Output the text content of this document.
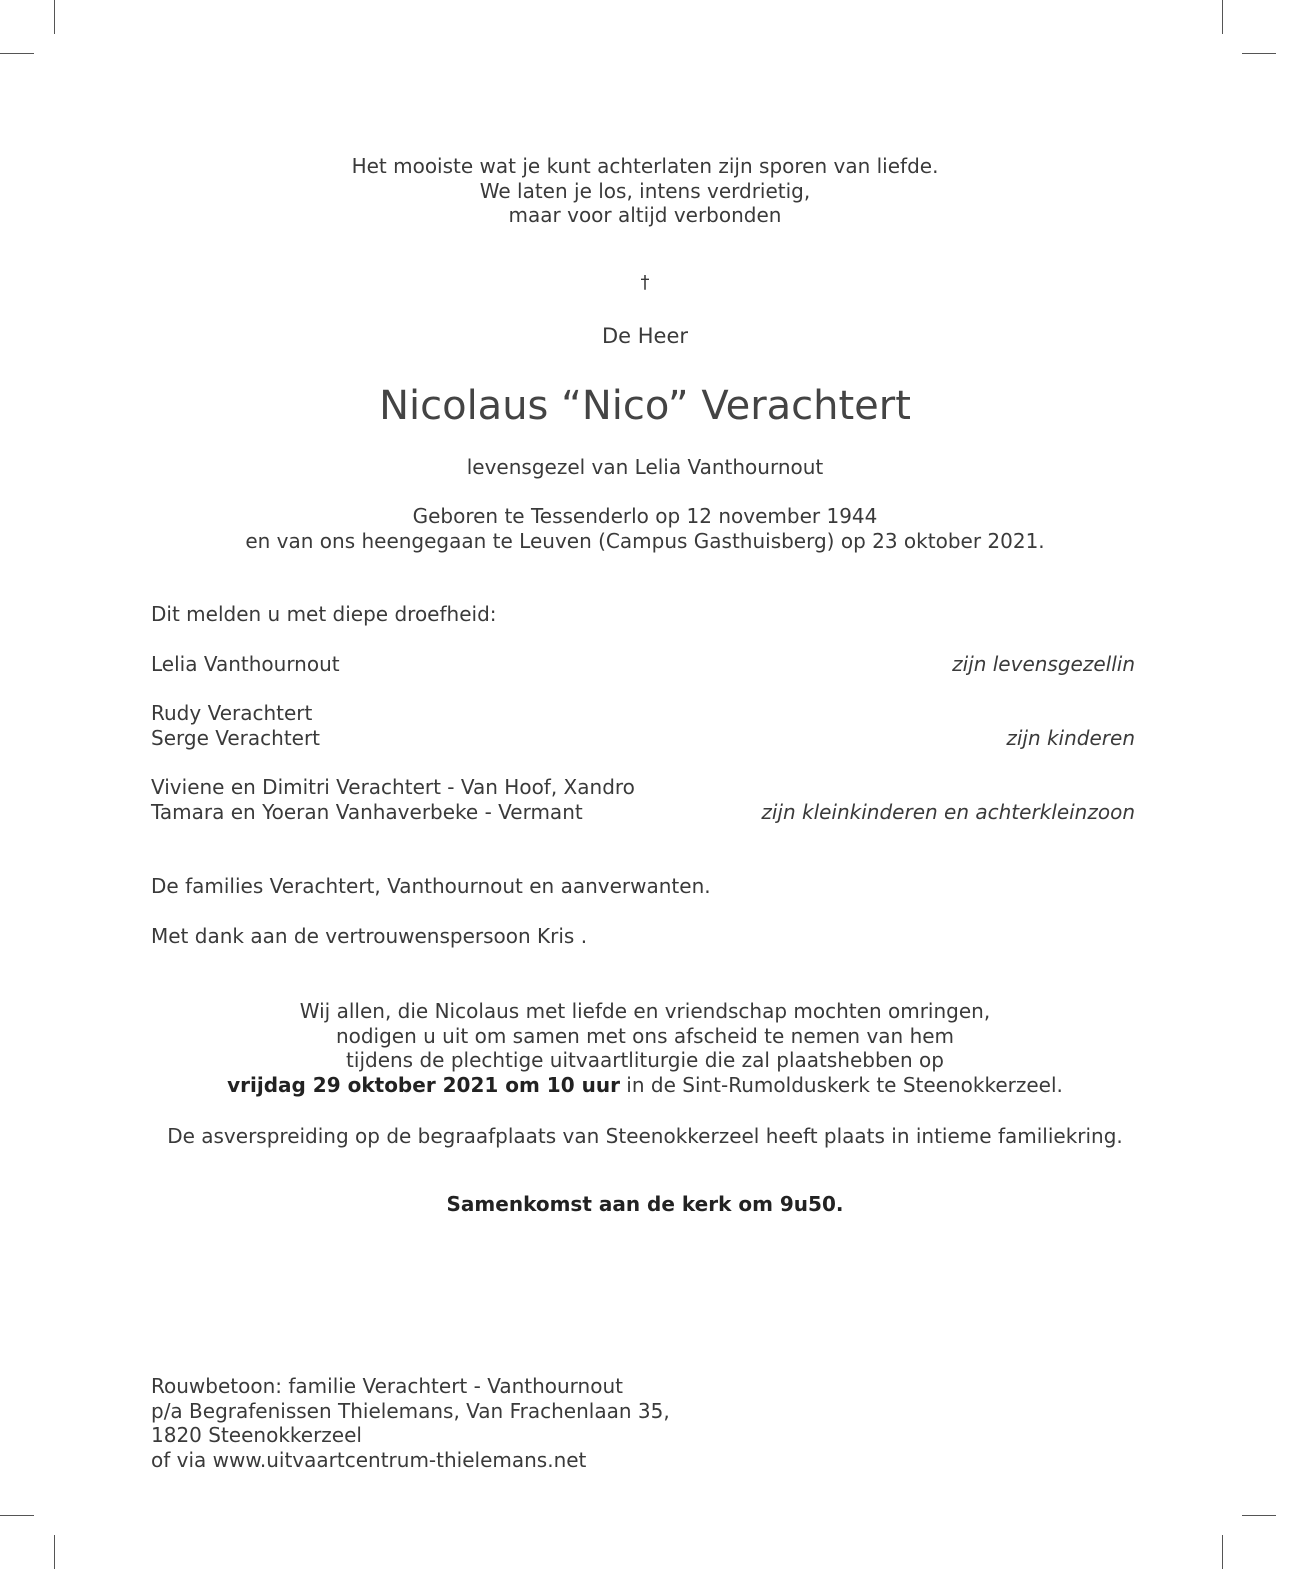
Het mooiste wat je kunt achterlaten zijn sporen van liefde.
We laten je los, intens verdrietig,
maar voor altijd verbonden
†
De Heer
Nicolaus “Nico” Verachtert
levensgezel van Lelia Vanthournout
Geboren te Tessenderlo op 12 november 1944
en van ons heengegaan te Leuven (Campus Gasthuisberg) op 23 oktober 2021.
Dit melden u met diepe droefheid:
Lelia Vanthournout	zijn levensgezellin
Rudy Verachtert
Serge Verachtert	zijn kinderen
Viviene en Dimitri Verachtert - Van Hoof, Xandro
Tamara en Yoeran Vanhaverbeke - Vermant	zijn kleinkinderen en achterkleinzoon
De families Verachtert, Vanthournout en aanverwanten.
Met dank aan de vertrouwenspersoon Kris .
Wij allen, die Nicolaus met liefde en vriendschap mochten omringen,
nodigen u uit om samen met ons afscheid te nemen van hem
tijdens de plechtige uitvaartliturgie die zal plaatshebben op
vrijdag 29 oktober 2021 om 10 uur in de Sint-Rumolduskerk te Steenokkerzeel.
De asverspreiding op de begraafplaats van Steenokkerzeel heeft plaats in intieme familiekring.
Samenkomst aan de kerk om 9u50.
Rouwbetoon: familie Verachtert - Vanthournout
p/a Begrafenissen Thielemans, Van Frachenlaan 35,
1820 Steenokkerzeel
of via www.uitvaartcentrum-thielemans.net
